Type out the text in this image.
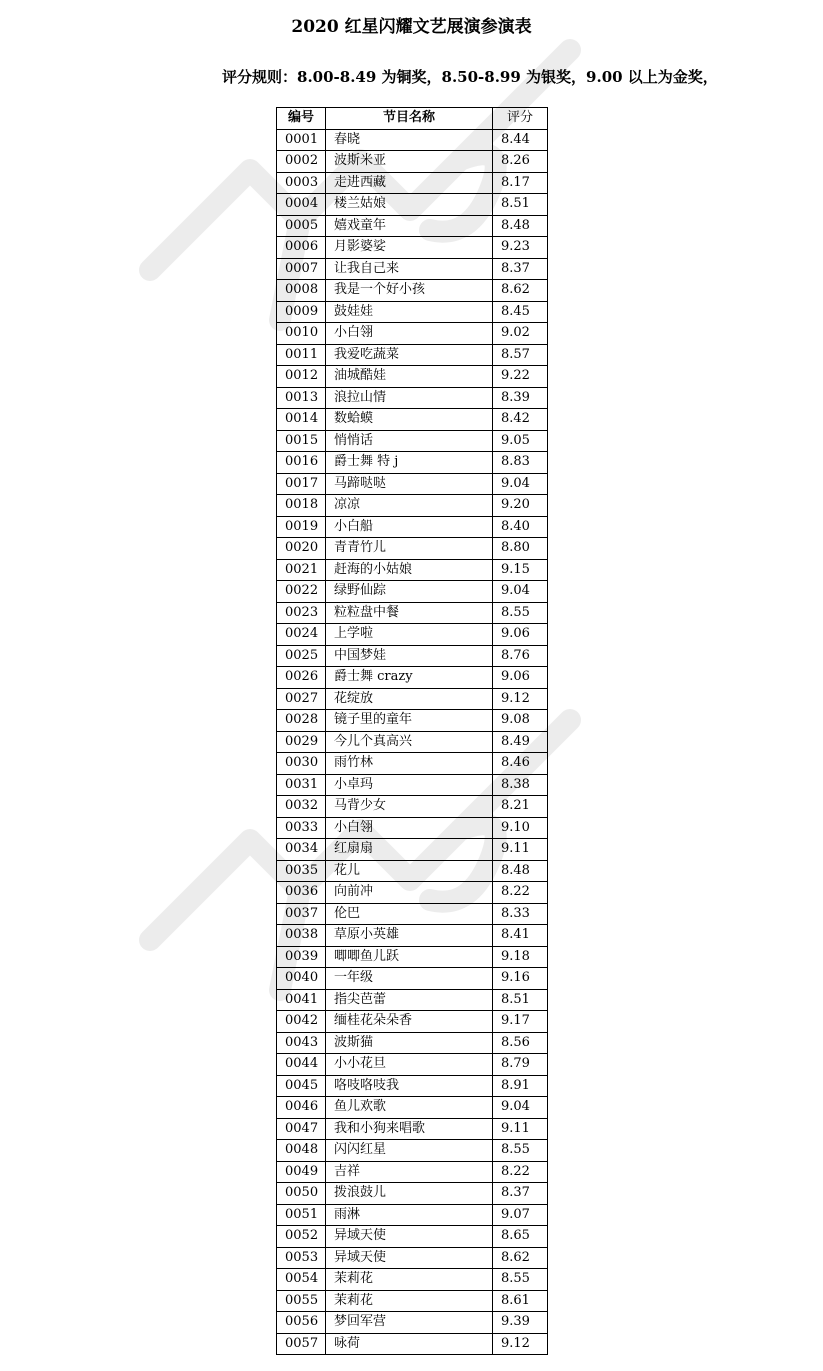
2020 红星闪耀文艺展演参演表
评分规则：8.00-8.49 为铜奖，8.50-8.99 为银奖，9.00 以上为金奖，
编号	节目名称	评分
0001	春晓	8.44
0002	波斯米亚	8.26
0003	走进西藏	8.17
0004	楼兰姑娘	8.51
0005	嬉戏童年	8.48
0006	月影婆娑	9.23
0007	让我自己来	8.37
0008	我是一个好小孩	8.62
0009	鼓娃娃	8.45
0010	小白翎	9.02
0011	我爱吃蔬菜	8.57
0012	油城酷娃	9.22
0013	浪拉山情	8.39
0014	数蛤蟆	8.42
0015	悄悄话	9.05
0016	爵士舞 特 j	8.83
0017	马蹄哒哒	9.04
0018	凉凉	9.20
0019	小白船	8.40
0020	青青竹儿	8.80
0021	赶海的小姑娘	9.15
0022	绿野仙踪	9.04
0023	粒粒盘中餐	8.55
0024	上学啦	9.06
0025	中国梦娃	8.76
0026	爵士舞 crazy	9.06
0027	花绽放	9.12
0028	镜子里的童年	9.08
0029	今儿个真高兴	8.49
0030	雨竹林	8.46
0031	小卓玛	8.38
0032	马背少女	8.21
0033	小白翎	9.10
0034	红扇扇	9.11
0035	花儿	8.48
0036	向前冲	8.22
0037	伦巴	8.33
0038	草原小英雄	8.41
0039	唧唧鱼儿跃	9.18
0040	一年级	9.16
0041	指尖芭蕾	8.51
0042	缅桂花朵朵香	9.17
0043	波斯猫	8.56
0044	小小花旦	8.79
0045	咯吱咯吱我	8.91
0046	鱼儿欢歌	9.04
0047	我和小狗来唱歌	9.11
0048	闪闪红星	8.55
0049	吉祥	8.22
0050	拨浪鼓儿	8.37
0051	雨淋	9.07
0052	异域天使	8.65
0053	异域天使	8.62
0054	茉莉花	8.55
0055	茉莉花	8.61
0056	梦回军营	9.39
0057	咏荷	9.12
